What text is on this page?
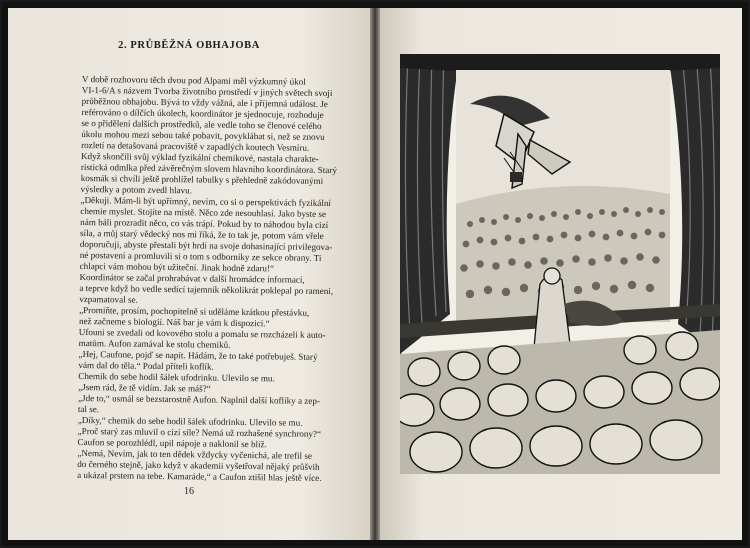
2. PRŮBĚŽNÁ OBHAJOBA
V době rozhovoru těch dvou pod Alpami měl výzkumný úkol
VI-1-6/A s názvem Tvorba životního prostředí v jiných světech svoji
průběžnou obhajobu. Bývá to vždy vážná, ale i příjemná událost. Je
reférováno o dílčích úkolech, koordinátor je sjednocuje, rozhoduje
se o přidělení dalších prostředků, ale vedle toho se členové celého
úkolu mohou mezi sebou také pobavit, povyklábat si, než se znovu
rozletí na detašovaná pracoviště v zapadlých koutech Vesmíru.
Když skončili svůj výklad fyzikální chemikové, nastala charakte-
ristická odmlka před závěrečným slovem hlavního koordinátora. Starý
kosmák si chvíli ještě prohlížel tabulky s přehledně zakódovanými
výsledky a potom zvedl hlavu.
„Děkuji. Mám-li být upřímný, nevím, co si o perspektivách fyzikální
chemie myslet. Stojíte na místě. Něco zde nesouhlasí. Jako byste se
nám báli prozradit něco, co vás trápí. Pokud by to náhodou byla cizí
síla, a můj starý vědecký nos mi říká, že to tak je, potom vám vřele
doporučuji, abyste přestali být hrdí na svoje dohasinající privilegova-
né postavení a promluvili si o tom s odborníky ze sekce obrany. Ti
chlapci vám mohou být užiteční. Jinak hodně zdaru!“
Koordinátor se začal prohrabávat v další hromádce informací,
a teprve když ho vedle sedící tajemník několikrát poklepal po rameni,
vzpamatoval se.
„Promiňte, prosím, pochopitelně si uděláme krátkou přestávku,
než začneme s biologií. Náš bar je vám k dispozici.“
Ufouni se zvedali od kovového stolu a pomalu se rozcházeli k auto-
matům. Aufon zamával ke stolu chemiků.
„Hej, Caufone, pojď se napít. Hádám, že to také potřebuješ. Starý
vám dal do těla.“ Podal příteli koflík.
Chemik do sebe hodil šálek ufodrinku. Ulevilo se mu.
„Jsem rád, že tě vidím. Jak se máš?“
„Jde to,“ usmál se bezstarostně Aufon. Naplnil další koflíky a zep-
tal se.
„Díky,“ chemik do sebe hodil šálek ufodrinku. Ulevilo se mu.
„Proč starý zas mluvil o cizí síle? Nemá už rozhašené synchrony?“
Caufon se porozhlédl, upil nápoje a naklonil se blíž.
„Nemá, Nevím, jak to ten dědek vždycky vyčenichá, ale trefil se
do černého stejně, jako když v akademii vyšetřoval nějaký průšvih
a ukázal prstem na tebe. Kamaráde,“ a Caufon ztišil hlas ještě více.
16
